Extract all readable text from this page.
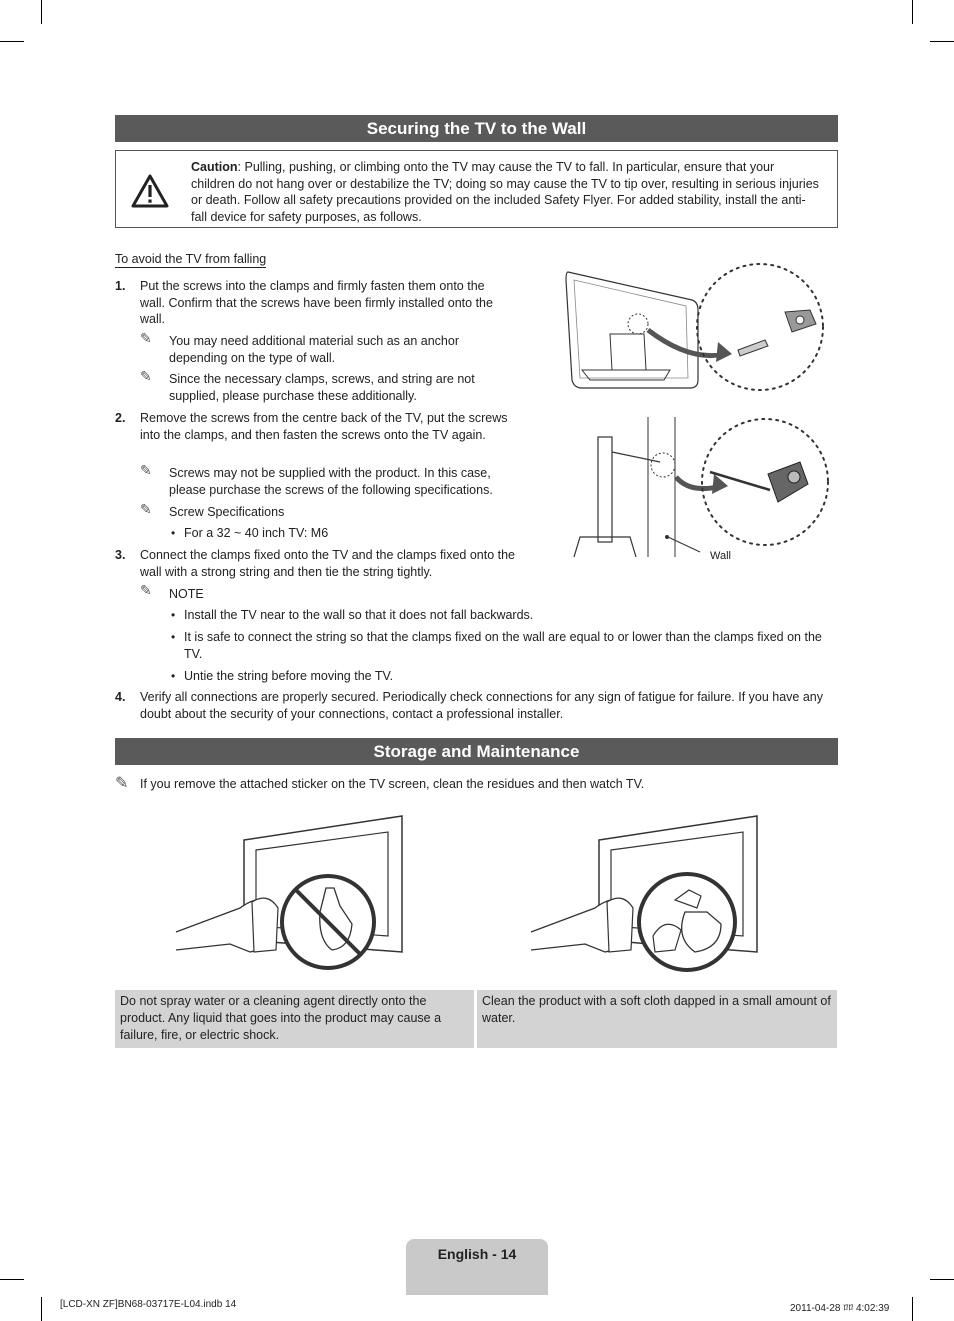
Securing the TV to the Wall
Caution: Pulling, pushing, or climbing onto the TV may cause the TV to fall. In particular, ensure that your children do not hang over or destabilize the TV; doing so may cause the TV to tip over, resulting in serious injuries or death. Follow all safety precautions provided on the included Safety Flyer. For added stability, install the anti-fall device for safety purposes, as follows.
To avoid the TV from falling
1. Put the screws into the clamps and firmly fasten them onto the wall. Confirm that the screws have been firmly installed onto the wall.
✎ You may need additional material such as an anchor depending on the type of wall.
✎ Since the necessary clamps, screws, and string are not supplied, please purchase these additionally.
2. Remove the screws from the centre back of the TV, put the screws into the clamps, and then fasten the screws onto the TV again.
✎ Screws may not be supplied with the product. In this case, please purchase the screws of the following specifications.
✎ Screw Specifications
• For a 32 ~ 40 inch TV: M6
3. Connect the clamps fixed onto the TV and the clamps fixed onto the wall with a strong string and then tie the string tightly.
✎ NOTE
• Install the TV near to the wall so that it does not fall backwards.
• It is safe to connect the string so that the clamps fixed on the wall are equal to or lower than the clamps fixed on the TV.
• Untie the string before moving the TV.
4. Verify all connections are properly secured. Periodically check connections for any sign of fatigue for failure. If you have any doubt about the security of your connections, contact a professional installer.
Wall
Storage and Maintenance
✎ If you remove the attached sticker on the TV screen, clean the residues and then watch TV.
Do not spray water or a cleaning agent directly onto the product. Any liquid that goes into the product may cause a failure, fire, or electric shock.
Clean the product with a soft cloth dapped in a small amount of water.
English - 14
[LCD-XN ZF]BN68-03717E-L04.indb 14	2011-04-28 ﾛﾛ 4:02:39
